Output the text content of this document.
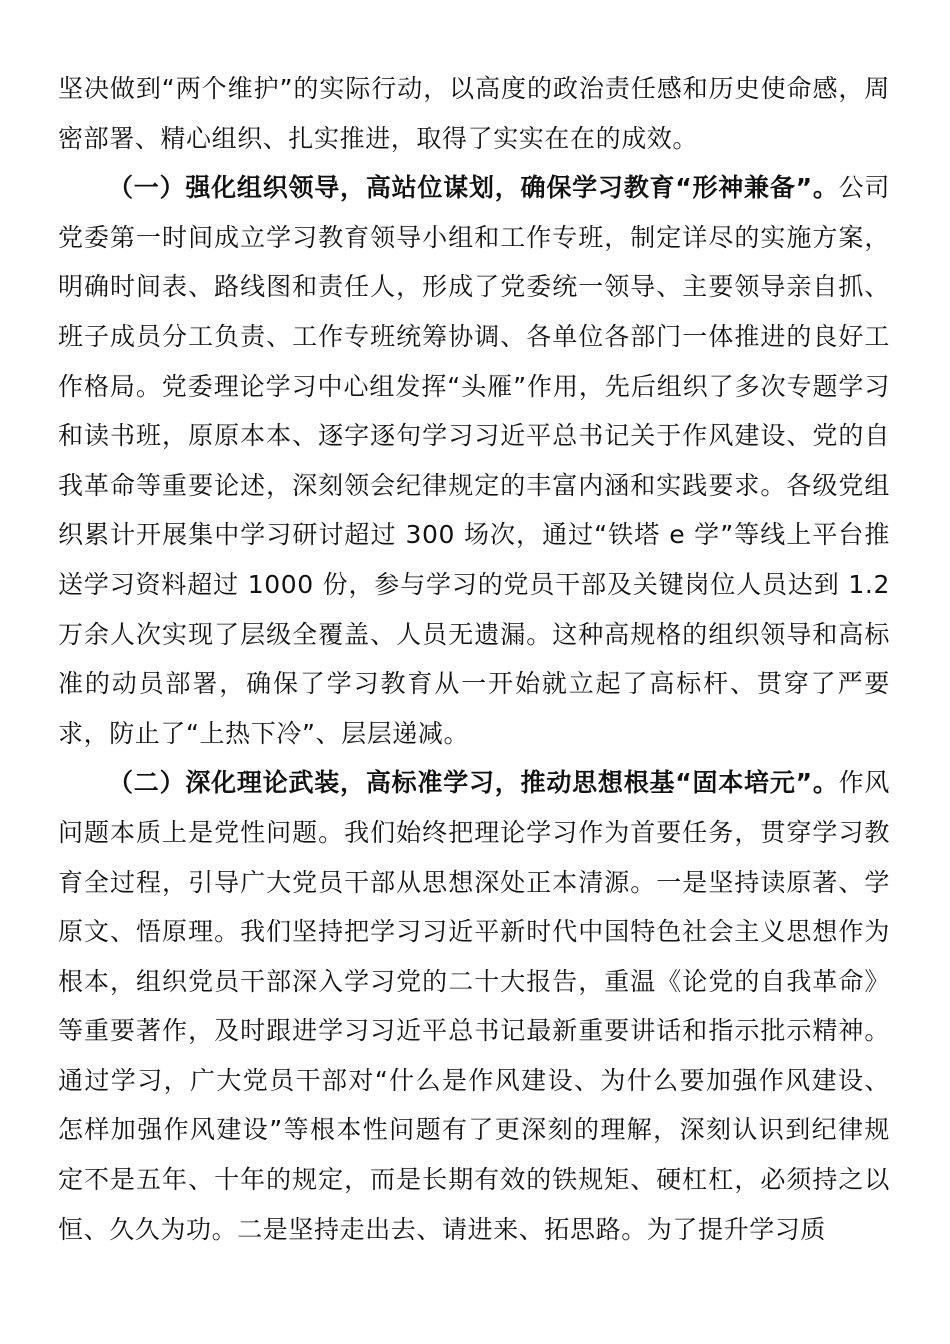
坚决做到“两个维护”的实际行动，以高度的政治责任感和历史使命感，周密部署、精心组织、扎实推进，取得了实实在在的成效。

（一）强化组织领导，高站位谋划，确保学习教育“形神兼备”。公司党委第一时间成立学习教育领导小组和工作专班，制定详尽的实施方案，明确时间表、路线图和责任人，形成了党委统一领导、主要领导亲自抓、班子成员分工负责、工作专班统筹协调、各单位各部门一体推进的良好工作格局。党委理论学习中心组发挥“头雁”作用，先后组织了多次专题学习和读书班，原原本本、逐字逐句学习习近平总书记关于作风建设、党的自我革命等重要论述，深刻领会纪律规定的丰富内涵和实践要求。各级党组织累计开展集中学习研讨超过 300 场次，通过“铁塔 e 学”等线上平台推送学习资料超过 1000 份，参与学习的党员干部及关键岗位人员达到 1.2 万余人次实现了层级全覆盖、人员无遗漏。这种高规格的组织领导和高标准的动员部署，确保了学习教育从一开始就立起了高标杆、贯穿了严要求，防止了“上热下冷”、层层递减。

（二）深化理论武装，高标准学习，推动思想根基“固本培元”。作风问题本质上是党性问题。我们始终把理论学习作为首要任务，贯穿学习教育全过程，引导广大党员干部从思想深处正本清源。一是坚持读原著、学原文、悟原理。我们坚持把学习习近平新时代中国特色社会主义思想作为根本，组织党员干部深入学习党的二十大报告，重温《论党的自我革命》等重要著作，及时跟进学习习近平总书记最新重要讲话和指示批示精神。通过学习，广大党员干部对“什么是作风建设、为什么要加强作风建设、怎样加强作风建设”等根本性问题有了更深刻的理解，深刻认识到纪律规定不是五年、十年的规定，而是长期有效的铁规矩、硬杠杠，必须持之以恒、久久为功。二是坚持走出去、请进来、拓思路。为了提升学习质
